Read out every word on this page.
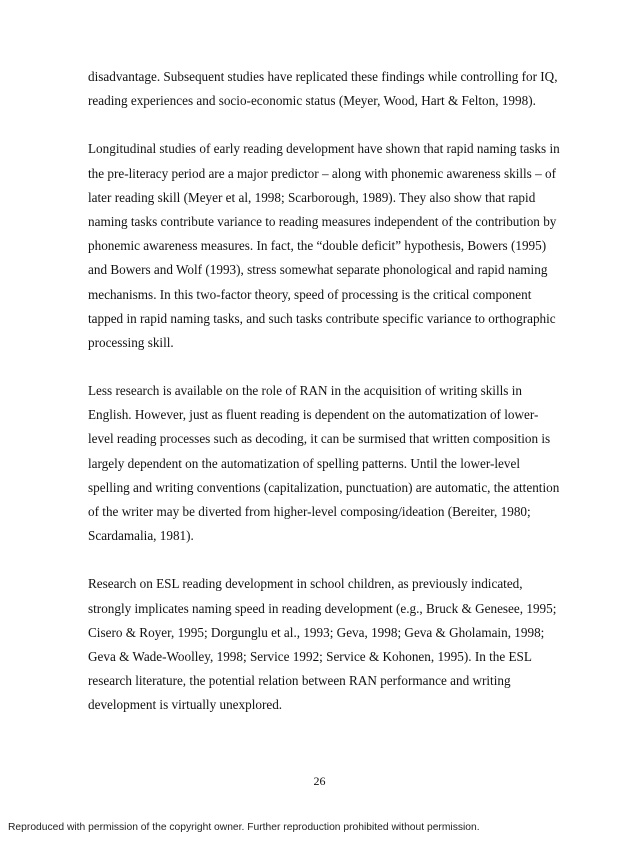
disadvantage. Subsequent studies have replicated these findings while controlling for IQ,
reading experiences and socio-economic status (Meyer, Wood, Hart & Felton, 1998).
Longitudinal studies of early reading development have shown that rapid naming tasks in
the pre-literacy period are a major predictor – along with phonemic awareness skills – of
later reading skill (Meyer et al, 1998; Scarborough, 1989). They also show that rapid
naming tasks contribute variance to reading measures independent of the contribution by
phonemic awareness measures. In fact, the “double deficit” hypothesis, Bowers (1995)
and Bowers and Wolf (1993), stress somewhat separate phonological and rapid naming
mechanisms. In this two-factor theory, speed of processing is the critical component
tapped in rapid naming tasks, and such tasks contribute specific variance to orthographic
processing skill.
Less research is available on the role of RAN in the acquisition of writing skills in
English. However, just as fluent reading is dependent on the automatization of lower-
level reading processes such as decoding, it can be surmised that written composition is
largely dependent on the automatization of spelling patterns. Until the lower-level
spelling and writing conventions (capitalization, punctuation) are automatic, the attention
of the writer may be diverted from higher-level composing/ideation (Bereiter, 1980;
Scardamalia, 1981).
Research on ESL reading development in school children, as previously indicated,
strongly implicates naming speed in reading development (e.g., Bruck & Genesee, 1995;
Cisero & Royer, 1995; Dorgunglu et al., 1993; Geva, 1998; Geva & Gholamain, 1998;
Geva & Wade-Woolley, 1998; Service 1992; Service & Kohonen, 1995). In the ESL
research literature, the potential relation between RAN performance and writing
development is virtually unexplored.
26
Reproduced with permission of the copyright owner. Further reproduction prohibited without permission.
